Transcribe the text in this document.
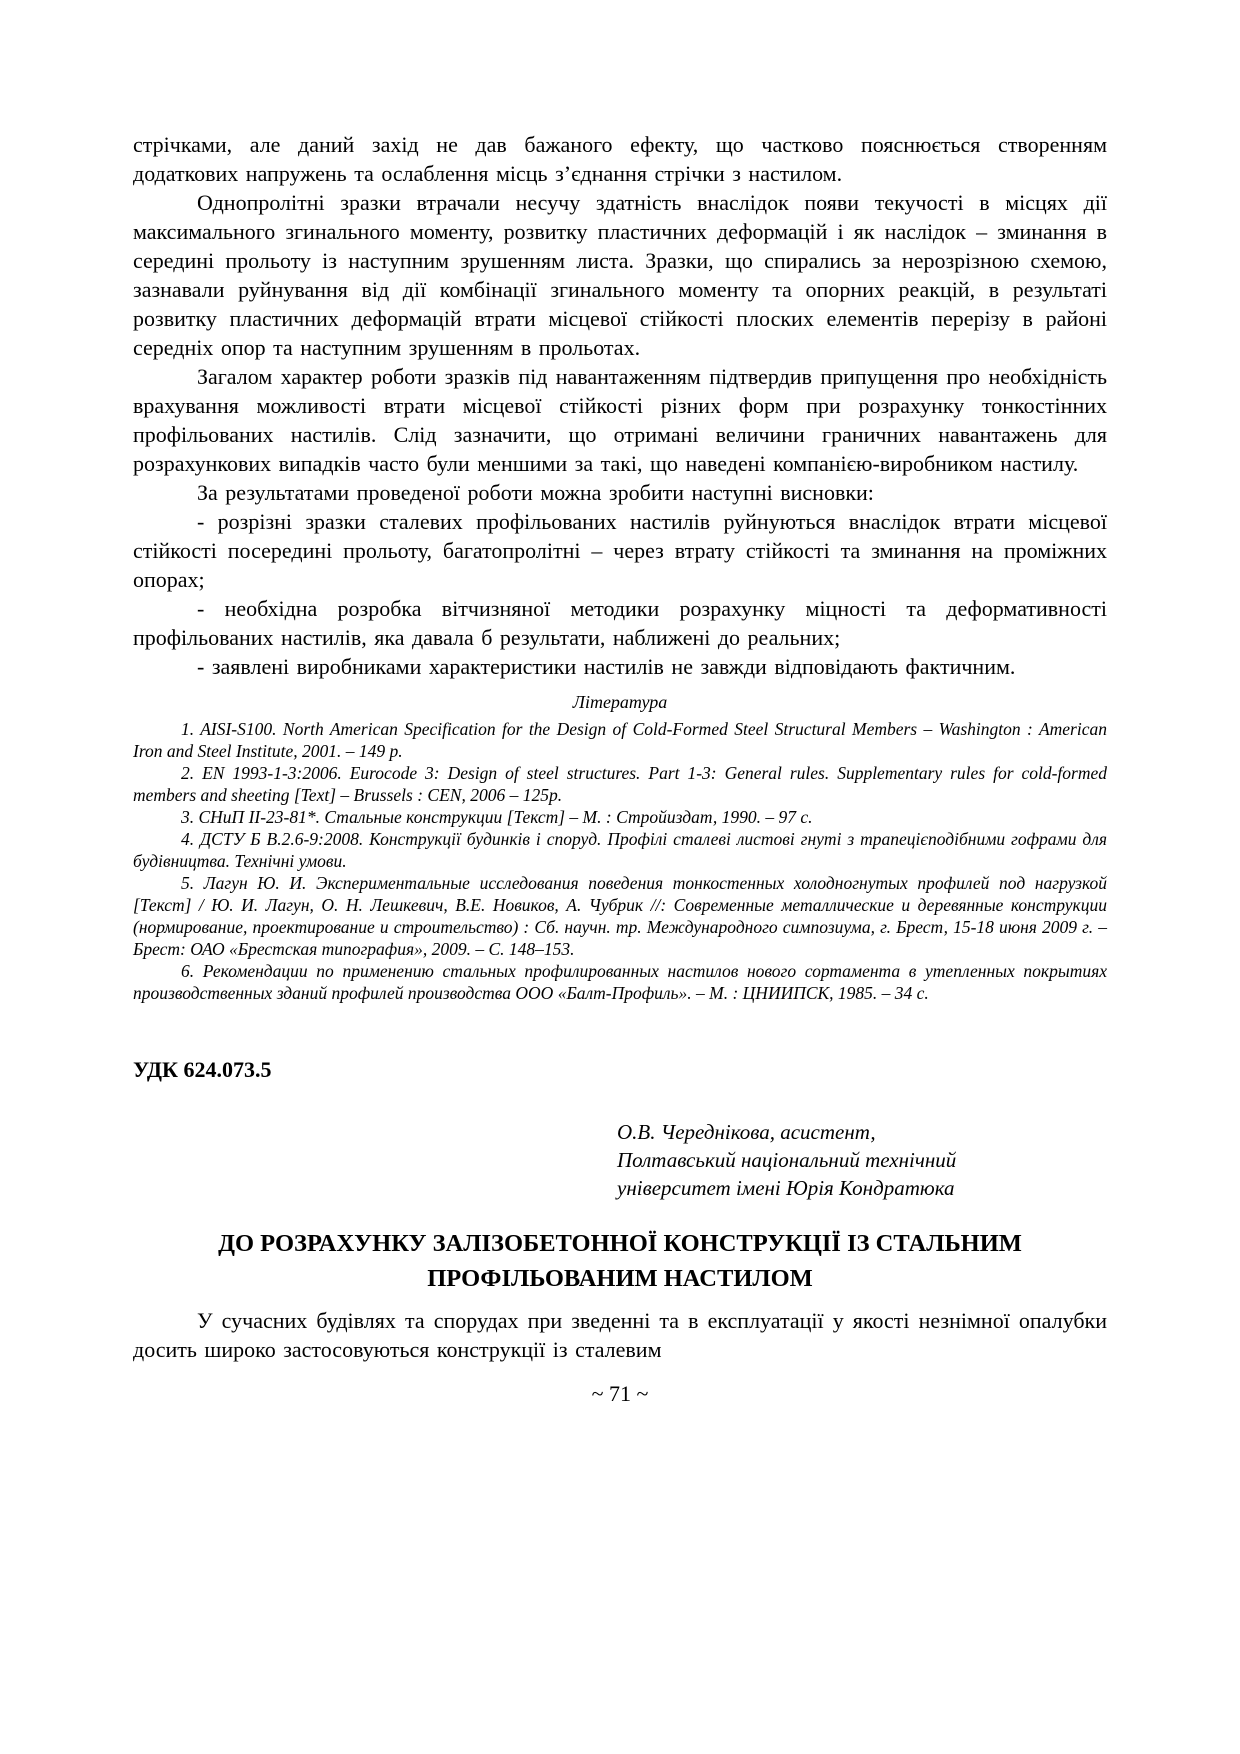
стрічками, але даний захід не дав бажаного ефекту, що частково пояснюється створенням додаткових напружень та ослаблення місць з’єднання стрічки з настилом.

Однопролітні зразки втрачали несучу здатність внаслідок появи текучості в місцях дії максимального згинального моменту, розвитку пластичних деформацій і як наслідок – зминання в середині прольоту із наступним зрушенням листа. Зразки, що спирались за нерозрізною схемою, зазнавали руйнування від дії комбінації згинального моменту та опорних реакцій, в результаті розвитку пластичних деформацій втрати місцевої стійкості плоских елементів перерізу в районі середніх опор та наступним зрушенням в прольотах.

Загалом характер роботи зразків під навантаженням підтвердив припущення про необхідність врахування можливості втрати місцевої стійкості різних форм при розрахунку тонкостінних профільованих настилів. Слід зазначити, що отримані величини граничних навантажень для розрахункових випадків часто були меншими за такі, що наведені компанією-виробником настилу.

За результатами проведеної роботи можна зробити наступні висновки:

- розрізні зразки сталевих профільованих настилів руйнуються внаслідок втрати місцевої стійкості посередині прольоту, багатопролітні – через втрату стійкості та зминання на проміжних опорах;

- необхідна розробка вітчизняної методики розрахунку міцності та деформативності профільованих настилів, яка давала б результати, наближені до реальних;

- заявлені виробниками характеристики настилів не завжди відповідають фактичним.

Література

1. AISI-S100. North American Specification for the Design of Cold-Formed Steel Structural Members – Washington : American Iron and Steel Institute, 2001. – 149 р.

2. EN 1993-1-3:2006. Eurocode 3: Design of steel structures. Part 1-3: General rules. Supplementary rules for cold-formed members and sheeting [Text] – Brussels : CEN, 2006 – 125р.

3. СНиП II-23-81*. Стальные конструкции [Текст] – М. : Стройиздат, 1990. – 97 с.

4. ДСТУ Б В.2.6-9:2008. Конструкції будинків і споруд. Профілі сталеві листові гнуті з трапецієподібними гофрами для будівництва. Технічні умови.

5. Лагун Ю. И. Экспериментальные исследования поведения тонкостенных холодногнутых профилей под нагрузкой [Текст] / Ю. И. Лагун, О. Н. Лешкевич, В.Е. Новиков, А. Чубрик //: Современные металлические и деревянные конструкции (нормирование, проектирование и строительство) : Сб. научн. тр. Международного симпозиума, г. Брест, 15-18 июня 2009 г. – Брест: ОАО «Брестская типография», 2009. – С. 148–153.

6. Рекомендации по применению стальных профилированных настилов нового сортамента в утепленных покрытиях производственных зданий профилей производства ООО «Балт-Профиль». – М. : ЦНИИПСК, 1985. – 34 с.

УДК 624.073.5
О.В. Череднікова, асистент,
Полтавський національний технічний
університет імені Юрія Кондратюка
ДО РОЗРАХУНКУ ЗАЛІЗОБЕТОННОЇ КОНСТРУКЦІЇ ІЗ СТАЛЬНИМ ПРОФІЛЬОВАНИМ НАСТИЛОМ

У сучасних будівлях та спорудах при зведенні та в експлуатації у якості незнімної опалубки досить широко застосовуються конструкції із сталевим

~ 71 ~
